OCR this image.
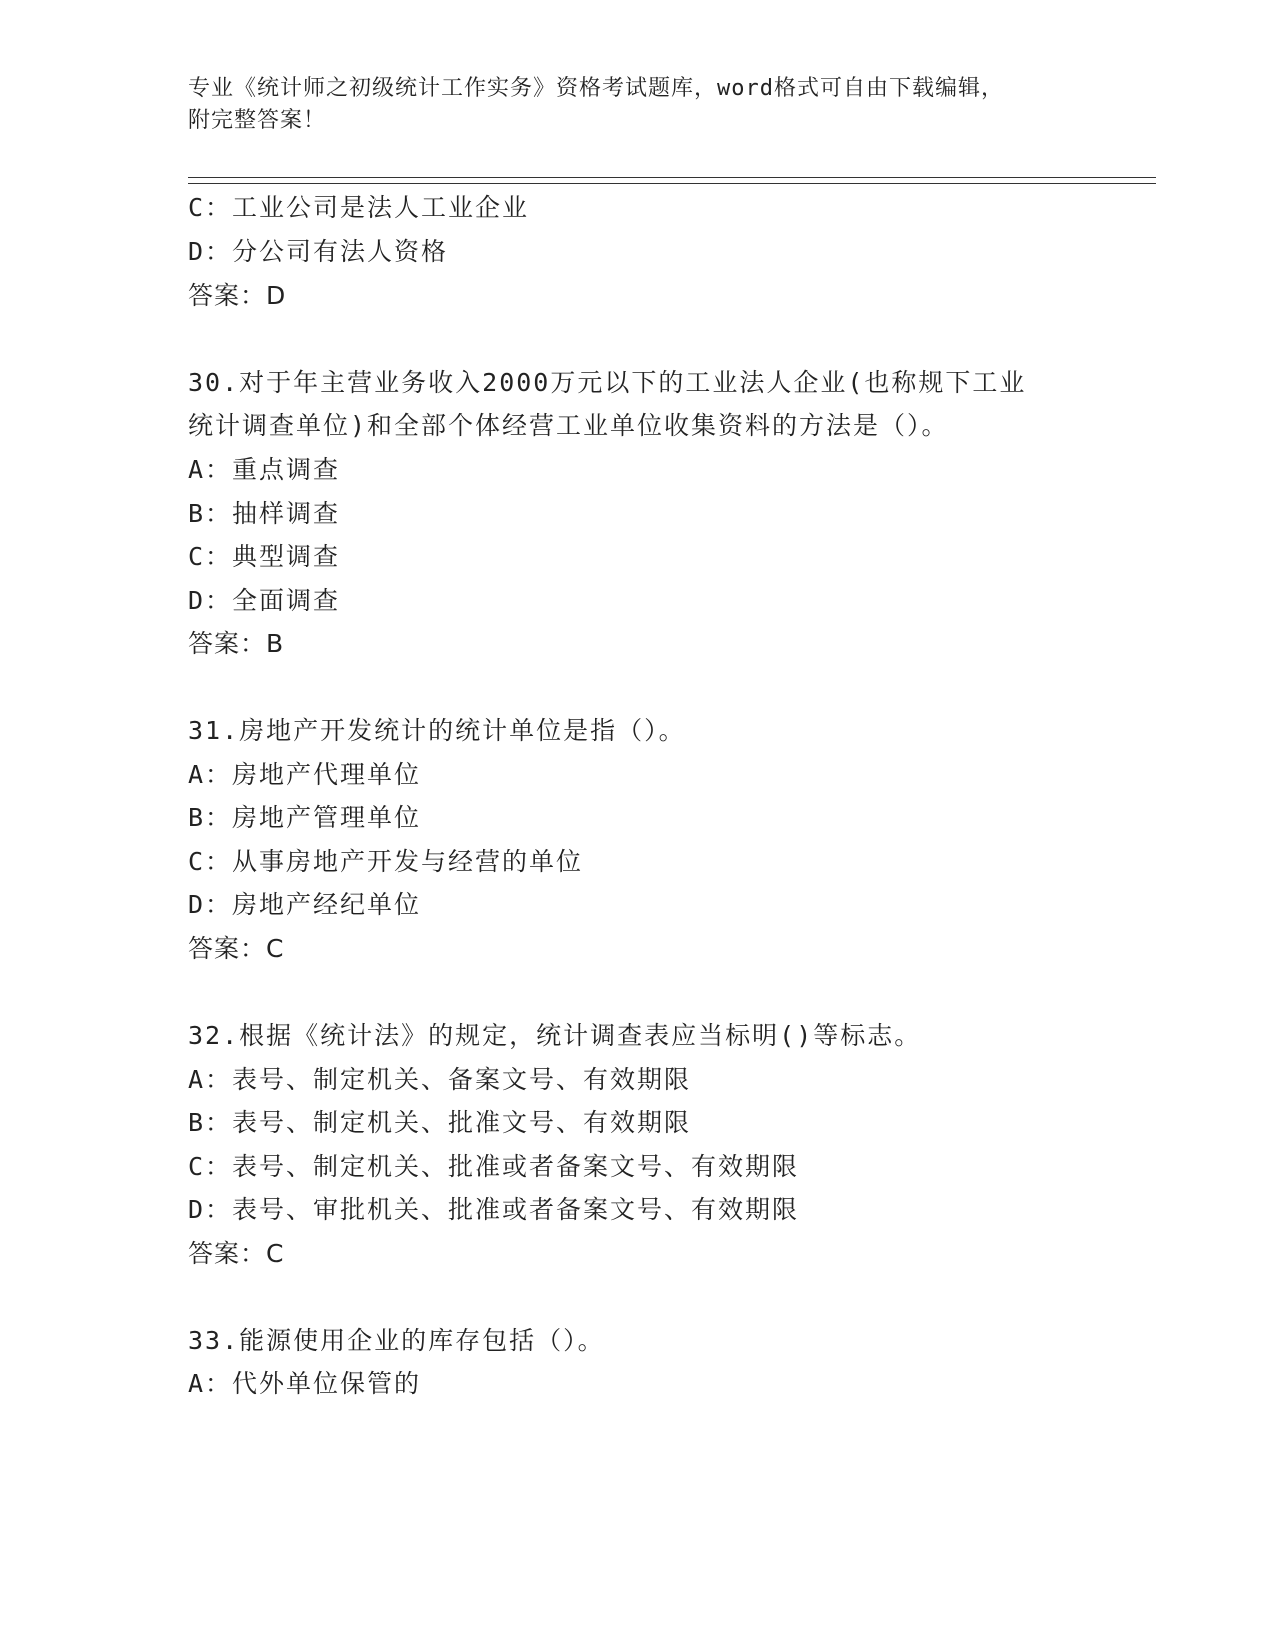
专业《统计师之初级统计工作实务》资格考试题库，word格式可自由下载编辑，
附完整答案！
C：工业公司是法人工业企业
D：分公司有法人资格
答案：D
30.对于年主营业务收入2000万元以下的工业法人企业(也称规下工业
统计调查单位)和全部个体经营工业单位收集资料的方法是（）。
A：重点调查
B：抽样调查
C：典型调查
D：全面调查
答案：B
31.房地产开发统计的统计单位是指（）。
A：房地产代理单位
B：房地产管理单位
C：从事房地产开发与经营的单位
D：房地产经纪单位
答案：C
32.根据《统计法》的规定，统计调查表应当标明()等标志。
A：表号、制定机关、备案文号、有效期限
B：表号、制定机关、批准文号、有效期限
C：表号、制定机关、批准或者备案文号、有效期限
D：表号、审批机关、批准或者备案文号、有效期限
答案：C
33.能源使用企业的库存包括（）。
A：代外单位保管的
